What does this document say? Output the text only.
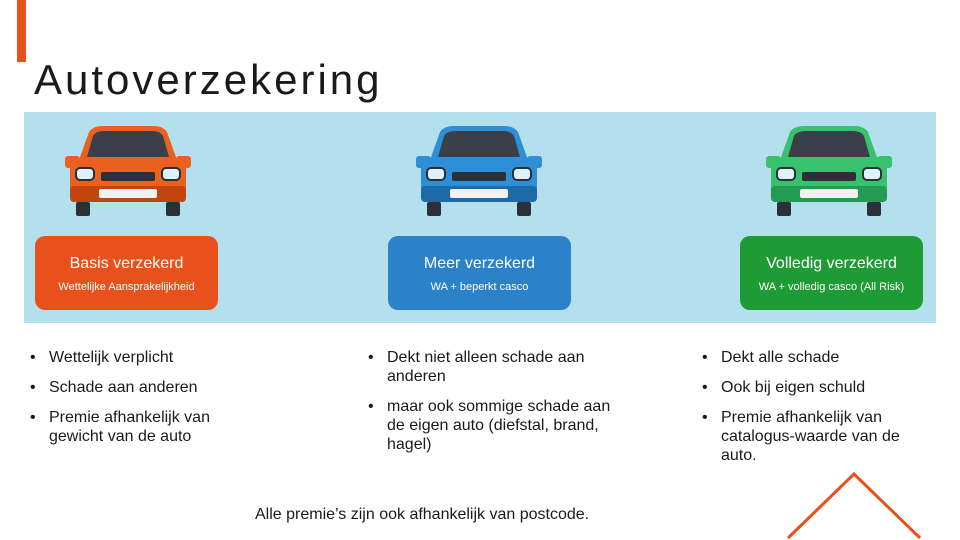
Autoverzekering
Basis verzekerd
Wettelijke Aansprakelijkheid
Meer verzekerd
WA + beperkt casco
Volledig verzekerd
WA + volledig casco (All Risk)
• Wettelijk verplicht
• Schade aan anderen
• Premie afhankelijk van gewicht van de auto
• Dekt niet alleen schade aan anderen
• maar ook sommige schade aan de eigen auto (diefstal, brand, hagel)
• Dekt alle schade
• Ook bij eigen schuld
• Premie afhankelijk van catalogus-waarde van de auto.
Alle premie’s zijn ook afhankelijk van postcode.
